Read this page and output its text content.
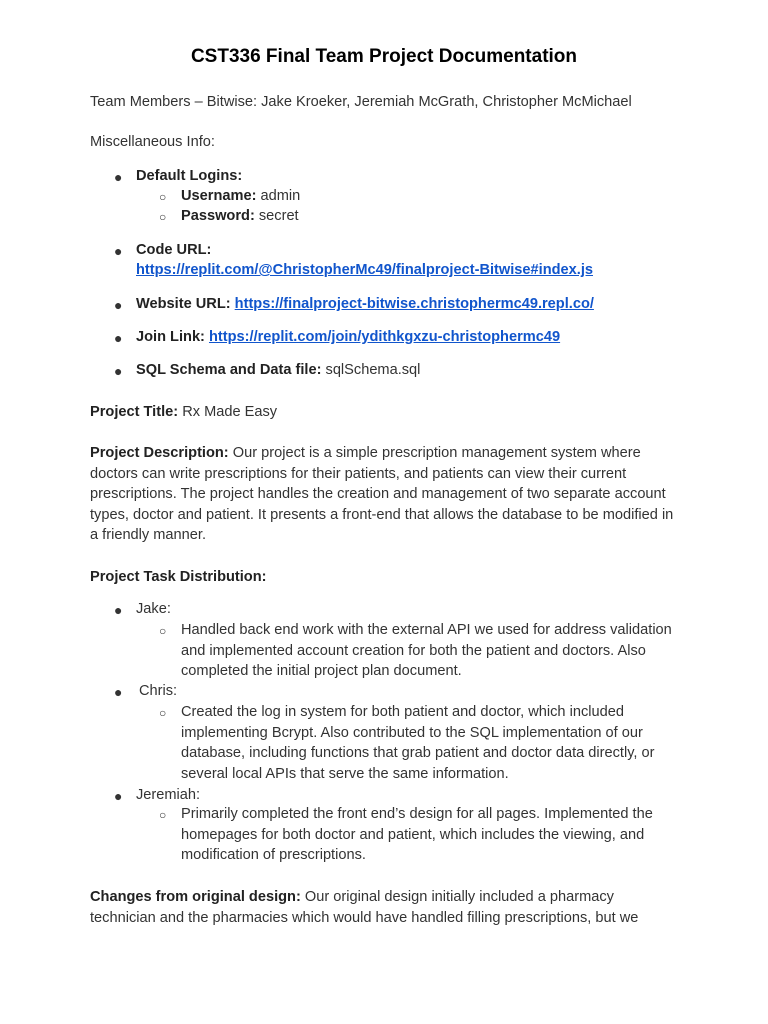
CST336 Final Team Project Documentation
Team Members – Bitwise: Jake Kroeker, Jeremiah McGrath, Christopher McMichael
Miscellaneous Info:
● Default Logins:
○ Username: admin
○ Password: secret
● Code URL:
https://replit.com/@ChristopherMc49/finalproject-Bitwise#index.js
● Website URL: https://finalproject-bitwise.christophermc49.repl.co/
● Join Link: https://replit.com/join/ydithkgxzu-christophermc49
● SQL Schema and Data file: sqlSchema.sql
Project Title: Rx Made Easy
Project Description: Our project is a simple prescription management system where doctors can write prescriptions for their patients, and patients can view their current prescriptions. The project handles the creation and management of two separate account types, doctor and patient. It presents a front-end that allows the database to be modified in a friendly manner.
Project Task Distribution:
● Jake:
○ Handled back end work with the external API we used for address validation and implemented account creation for both the patient and doctors. Also completed the initial project plan document.
● Chris:
○ Created the log in system for both patient and doctor, which included implementing Bcrypt. Also contributed to the SQL implementation of our database, including functions that grab patient and doctor data directly, or several local APIs that serve the same information.
● Jeremiah:
○ Primarily completed the front end’s design for all pages. Implemented the homepages for both doctor and patient, which includes the viewing, and modification of prescriptions.
Changes from original design: Our original design initially included a pharmacy technician and the pharmacies which would have handled filling prescriptions, but we
